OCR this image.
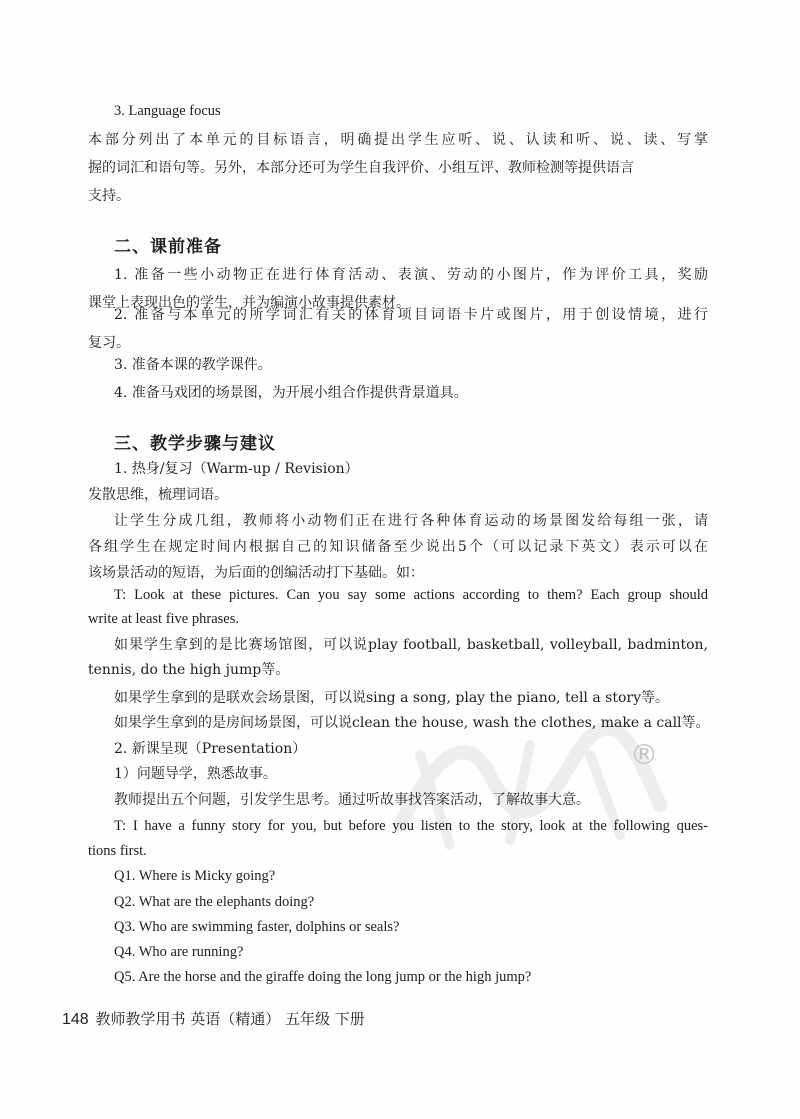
®
3. Language focus
本部分列出了本单元的目标语言，明确提出学生应听、说、认读和听、说、读、写掌
握的词汇和语句等。另外，本部分还可为学生自我评价、小组互评、教师检测等提供语言
支持。
二、课前准备
1. 准备一些小动物正在进行体育活动、表演、劳动的小图片，作为评价工具，奖励
课堂上表现出色的学生，并为编演小故事提供素材。
2. 准备与本单元的所学词汇有关的体育项目词语卡片或图片，用于创设情境，进行
复习。
3. 准备本课的教学课件。
4. 准备马戏团的场景图，为开展小组合作提供背景道具。
三、教学步骤与建议
1. 热身/复习（Warm-up / Revision）
发散思维，梳理词语。
让学生分成几组，教师将小动物们正在进行各种体育运动的场景图发给每组一张，请
各组学生在规定时间内根据自己的知识储备至少说出5个（可以记录下英文）表示可以在
该场景活动的短语，为后面的创编活动打下基础。如：
T: Look at these pictures. Can you say some actions according to them? Each group should
write at least five phrases.
如果学生拿到的是比赛场馆图，可以说play football, basketball, volleyball, badminton,
tennis, do the high jump等。
如果学生拿到的是联欢会场景图，可以说sing a song, play the piano, tell a story等。
如果学生拿到的是房间场景图，可以说clean the house, wash the clothes, make a call等。
2. 新课呈现（Presentation）
1）问题导学，熟悉故事。
教师提出五个问题，引发学生思考。通过听故事找答案活动，了解故事大意。
T: I have a funny story for you, but before you listen to the story, look at the following ques-
tions first.
Q1. Where is Micky going?
Q2. What are the elephants doing?
Q3. Who are swimming faster, dolphins or seals?
Q4. Who are running?
Q5. Are the horse and the giraffe doing the long jump or the high jump?
148 教师教学用书 英语（精通） 五年级 下册
